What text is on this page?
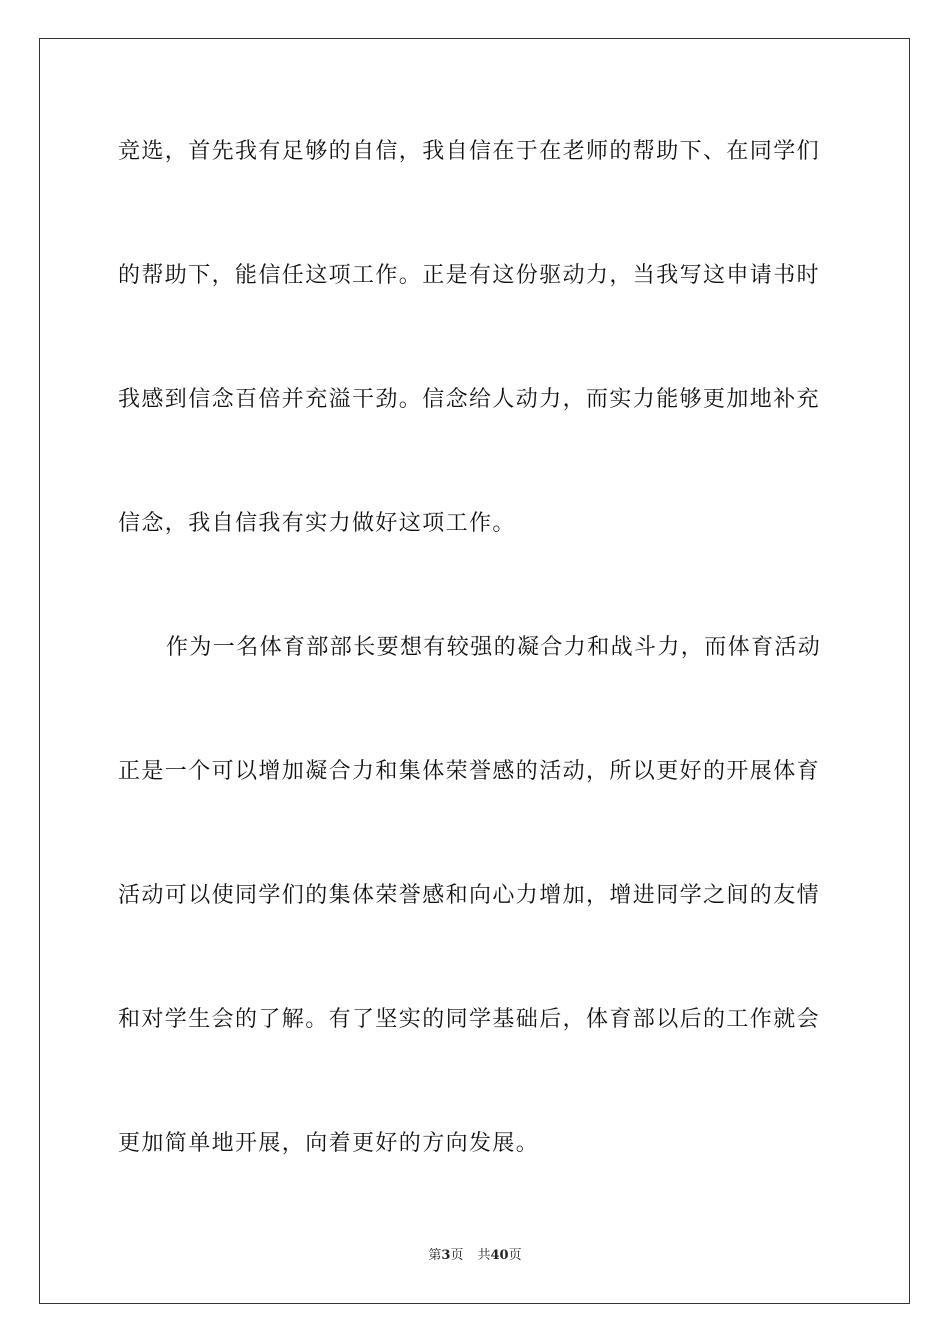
竞选，首先我有足够的自信，我自信在于在老师的帮助下、在同学们
的帮助下，能信任这项工作。正是有这份驱动力，当我写这申请书时
我感到信念百倍并充溢干劲。信念给人动力，而实力能够更加地补充
信念，我自信我有实力做好这项工作。
作为一名体育部部长要想有较强的凝合力和战斗力，而体育活动
正是一个可以增加凝合力和集体荣誉感的活动，所以更好的开展体育
活动可以使同学们的集体荣誉感和向心力增加，增进同学之间的友情
和对学生会的了解。有了坚实的同学基础后，体育部以后的工作就会
更加简单地开展，向着更好的方向发展。
第3页 共40页
